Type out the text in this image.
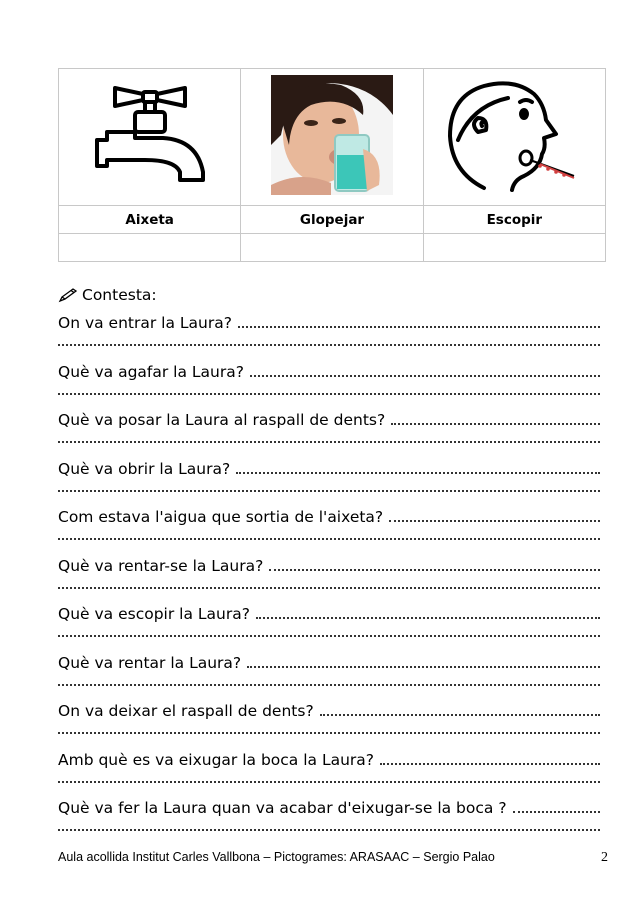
Aixeta	Glopejar	Escopir

Contesta:
On va entrar la Laura?
Què va agafar la Laura?
Què va posar la Laura al raspall de dents?
Què va obrir la Laura?
Com estava l'aigua que sortia de l'aixeta?
Què va rentar-se la Laura?
Què va escopir la Laura?
Què va rentar la Laura?
On va deixar el raspall de dents?
Amb què es va eixugar la boca la Laura?
Què va fer la Laura quan va acabar d'eixugar-se la boca ?
Aula acollida Institut Carles Vallbona – Pictogrames: ARASAAC – Sergio Palao	2
